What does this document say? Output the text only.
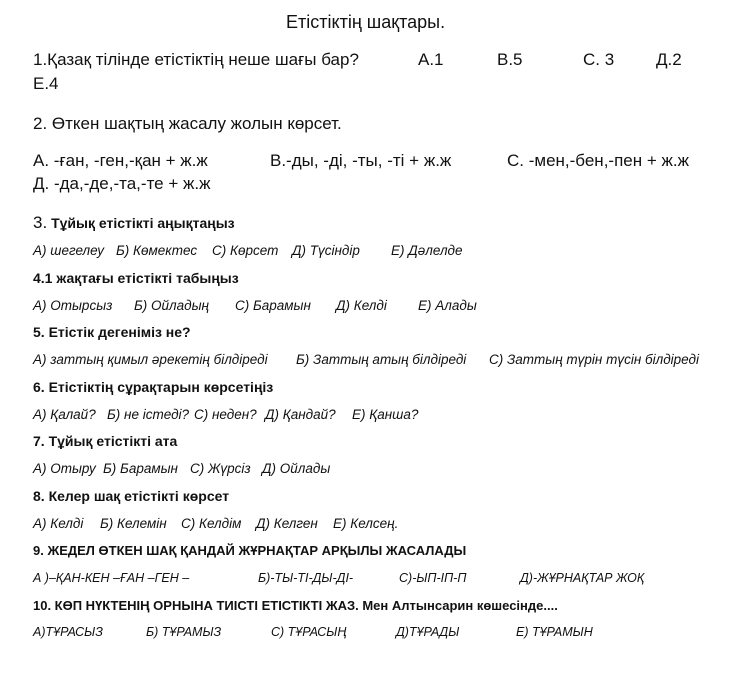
Етістіктің шақтары.
1.Қазақ тілінде етістіктің неше шағы бар?	А.1	В.5	С. 3 Д.2
Е.4
2. Өткен шақтың жасалу жолын көрсет.
А. -ған, -ген,-қан + ж.ж	В.-ды, -ді, -ты, -ті + ж.ж	С. -мен,-бен,-пен + ж.ж
Д. -да,-де,-та,-те + ж.ж
3. Тұйық етістікті аңықтаңыз
А) шегелеу Б) Көмектес С) Көрсет Д) Түсіндір Е) Дәлелде
4.1 жақтағы етістікті табыңыз
А) Отырсыз Б) Ойладың С) Барамын Д) Келді Е) Алады
5. Етістік дегеніміз не?
А) заттың қимыл әрекетің білдіреді Б) Заттың атың білдіреді С) Заттың түрін түсін білдіреді
6. Етістіктің сұрақтарын көрсетіңіз
А) Қалай? Б) не істеді? С) неден? Д) Қандай? Е) Қанша?
7. Тұйық етістікті ата
А) Отыру Б) Барамын С) Жүрсіз Д) Ойлады
8. Келер шақ етістікті көрсет
А) Келді Б) Келемін С) Келдім Д) Келген Е) Келсең.
9. ЖЕДЕЛ ӨТКЕН ШАҚ ҚАНДАЙ ЖҰРНАҚТАР АРҚЫЛЫ ЖАСАЛАДЫ
А )–ҚАН-КЕН –ҒАН –ГЕН –	Б)-ТЫ-ТІ-ДЫ-ДІ-	С)-ЫП-ІП-П	Д)-ЖҰРНАҚТАР ЖОҚ
10. КӨП НҮКТЕНІҢ ОРНЫНА ТИІСТІ ЕТІСТІКТІ ЖАЗ. Мен Алтынсарин көшесінде....
А)ТҰРАСЫЗ	Б) ТҰРАМЫЗ	С) ТҰРАСЫҢ	Д)ТҰРАДЫ	Е) ТҰРАМЫН
